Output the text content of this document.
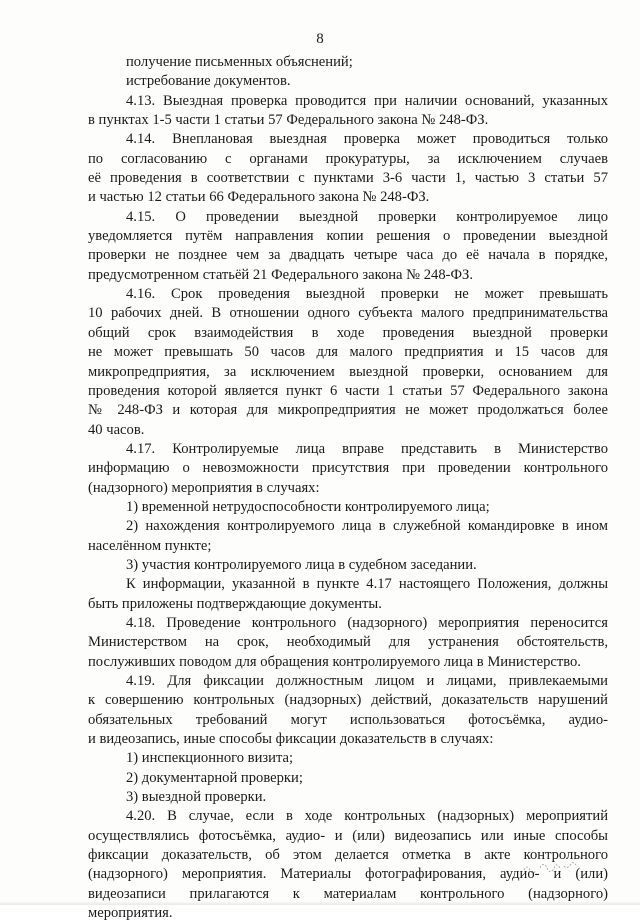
8
получение письменных объяснений;
истребование документов.
4.13. Выездная проверка проводится при наличии оснований, указанных
в пунктах 1-5 части 1 статьи 57 Федерального закона № 248-ФЗ.
4.14. Внеплановая выездная проверка может проводиться только
по согласованию с органами прокуратуры, за исключением случаев
её проведения в соответствии с пунктами 3-6 части 1, частью 3 статьи 57
и частью 12 статьи 66 Федерального закона № 248-ФЗ.
4.15. О проведении выездной проверки контролируемое лицо
уведомляется путём направления копии решения о проведении выездной
проверки не позднее чем за двадцать четыре часа до её начала в порядке,
предусмотренном статьёй 21 Федерального закона № 248-ФЗ.
4.16. Срок проведения выездной проверки не может превышать
10 рабочих дней. В отношении одного субъекта малого предпринимательства
общий срок взаимодействия в ходе проведения выездной проверки
не может превышать 50 часов для малого предприятия и 15 часов для
микропредприятия, за исключением выездной проверки, основанием для
проведения которой является пункт 6 части 1 статьи 57 Федерального закона
№ 248-ФЗ и которая для микропредприятия не может продолжаться более
40 часов.
4.17. Контролируемые лица вправе представить в Министерство
информацию о невозможности присутствия при проведении контрольного
(надзорного) мероприятия в случаях:
1) временной нетрудоспособности контролируемого лица;
2) нахождения контролируемого лица в служебной командировке в ином
населённом пункте;
3) участия контролируемого лица в судебном заседании.
К информации, указанной в пункте 4.17 настоящего Положения, должны
быть приложены подтверждающие документы.
4.18. Проведение контрольного (надзорного) мероприятия переносится
Министерством на срок, необходимый для устранения обстоятельств,
послуживших поводом для обращения контролируемого лица в Министерство.
4.19. Для фиксации должностным лицом и лицами, привлекаемыми
к совершению контрольных (надзорных) действий, доказательств нарушений
обязательных требований могут использоваться фотосъёмка, аудио-
и видеозапись, иные способы фиксации доказательств в случаях:
1) инспекционного визита;
2) документарной проверки;
3) выездной проверки.
4.20. В случае, если в ходе контрольных (надзорных) мероприятий
осуществлялись фотосъёмка, аудио- и (или) видеозапись или иные способы
фиксации доказательств, об этом делается отметка в акте контрольного
(надзорного) мероприятия. Материалы фотографирования, аудио- и (или)
видеозаписи прилагаются к материалам контрольного (надзорного)
мероприятия.
